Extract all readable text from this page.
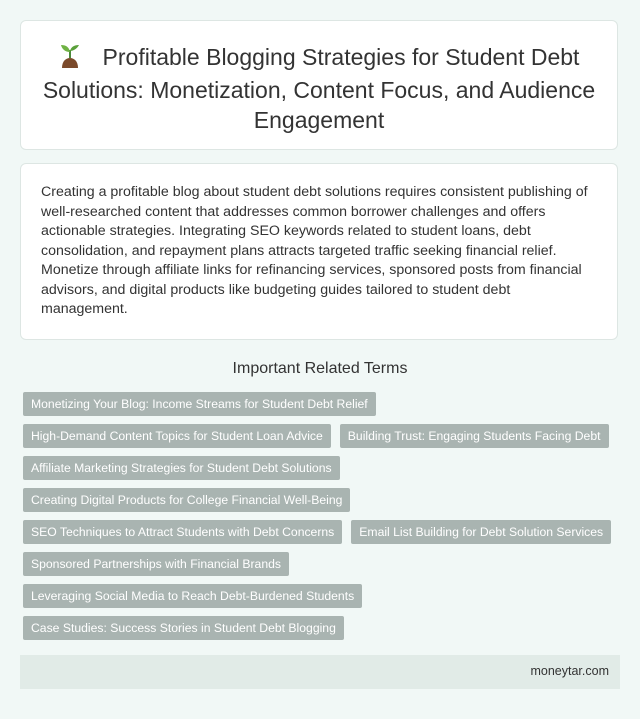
Profitable Blogging Strategies for Student Debt Solutions: Monetization, Content Focus, and Audience Engagement
Creating a profitable blog about student debt solutions requires consistent publishing of well-researched content that addresses common borrower challenges and offers actionable strategies. Integrating SEO keywords related to student loans, debt consolidation, and repayment plans attracts targeted traffic seeking financial relief. Monetize through affiliate links for refinancing services, sponsored posts from financial advisors, and digital products like budgeting guides tailored to student debt management.
Important Related Terms
Monetizing Your Blog: Income Streams for Student Debt Relief
High-Demand Content Topics for Student Loan Advice	Building Trust: Engaging Students Facing Debt
Affiliate Marketing Strategies for Student Debt Solutions
Creating Digital Products for College Financial Well-Being
SEO Techniques to Attract Students with Debt Concerns	Email List Building for Debt Solution Services
Sponsored Partnerships with Financial Brands
Leveraging Social Media to Reach Debt-Burdened Students
Case Studies: Success Stories in Student Debt Blogging
moneytar.com
